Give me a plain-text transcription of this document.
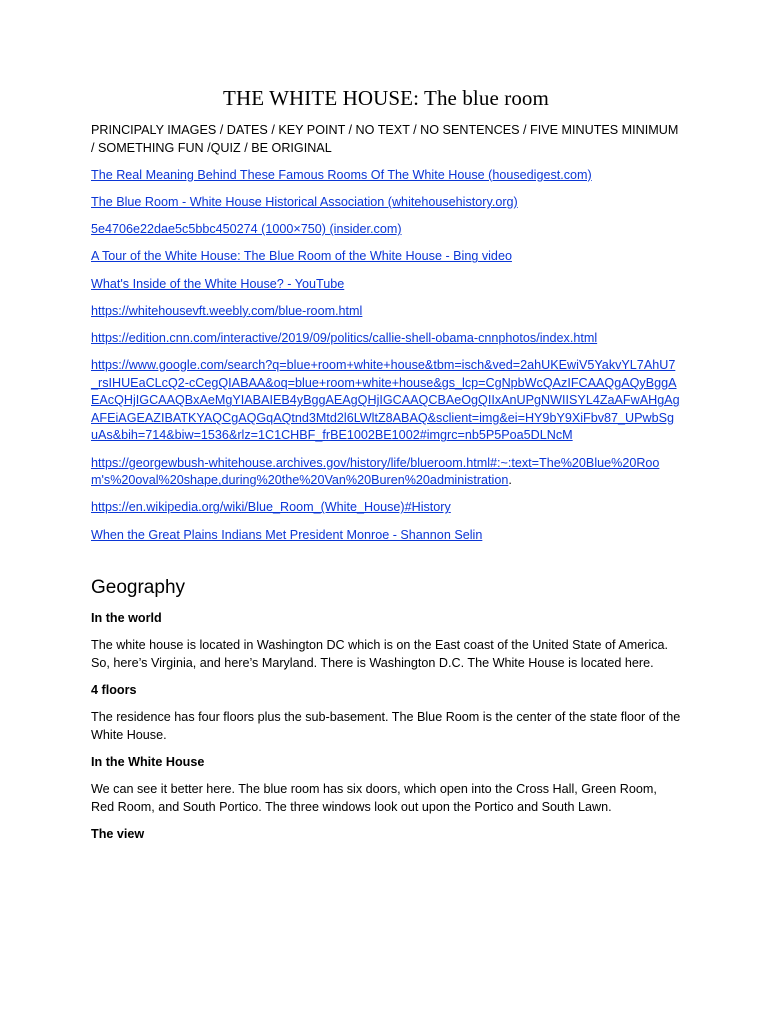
THE WHITE HOUSE: The blue room
PRINCIPALY IMAGES / DATES / KEY POINT / NO TEXT / NO SENTENCES / FIVE MINUTES MINIMUM / SOMETHING FUN /QUIZ / BE ORIGINAL
The Real Meaning Behind These Famous Rooms Of The White House (housedigest.com)
The Blue Room - White House Historical Association (whitehousehistory.org)
5e4706e22dae5c5bbc450274 (1000×750) (insider.com)
A Tour of the White House: The Blue Room of the White House - Bing video
What's Inside of the White House? - YouTube
https://whitehousevft.weebly.com/blue-room.html
https://edition.cnn.com/interactive/2019/09/politics/callie-shell-obama-cnnphotos/index.html
https://www.google.com/search?q=blue+room+white+house&tbm=isch&ved=2ahUKEwiV5YakvYL7AhU7_rsIHUEaCLcQ2-cCegQIABAA&oq=blue+room+white+house&gs_lcp=CgNpbWcQAzIFCAAQgAQyBggAEAcQHjIGCAAQBxAeMgYIABAIEB4yBggAEAgQHjIGCAAQCBAeOgQIIxAnUPgNWIISYL4ZaAFwAHgAgAFEiAGEAZIBATKYAQCgAQGqAQtnd3Mtd2l6LWltZ8ABAQ&sclient=img&ei=HY9bY9XiFbv87_UPwbSguAs&bih=714&biw=1536&rlz=1C1CHBF_frBE1002BE1002#imgrc=nb5P5Poa5DLNcM
https://georgewbush-whitehouse.archives.gov/history/life/blueroom.html#:~:text=The%20Blue%20Room's%20oval%20shape,during%20the%20Van%20Buren%20administration.
https://en.wikipedia.org/wiki/Blue_Room_(White_House)#History
When the Great Plains Indians Met President Monroe - Shannon Selin
Geography
In the world
The white house is located in Washington DC which is on the East coast of the United State of America. So, here’s Virginia, and here’s Maryland. There is Washington D.C. The White House is located here.
4 floors
The residence has four floors plus the sub-basement. The Blue Room is the center of the state floor of the White House.
In the White House
We can see it better here. The blue room has six doors, which open into the Cross Hall, Green Room, Red Room, and South Portico. The three windows look out upon the Portico and South Lawn.
The view
